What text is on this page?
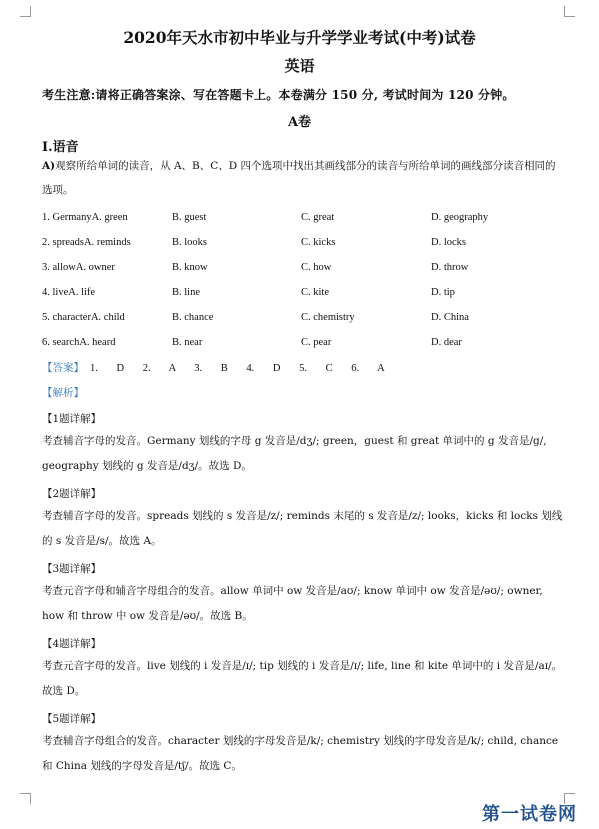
2020年天水市初中毕业与升学学业考试(中考)试卷
英语
考生注意:请将正确答案涂、写在答题卡上。本卷满分 150 分, 考试时间为 120 分钟。
A卷
I.语音
A)观察所给单词的读音，从 A、B、C、D 四个选项中找出其画线部分的读音与所给单词的画线部分读音相同的选项。
1. GermanyA. green	B. guest	C. great	D. geography
2. spreadsA. reminds	B. looks	C. kicks	D. locks
3. allowA. owner	B. know	C. how	D. throw
4. liveA. life	B. line	C. kite	D. tip
5. characterA. child	B. chance	C. chemistry	D. China
6. searchA. heard	B. near	C. pear	D. dear
【答案】 1. D 2. A 3. B 4. D 5. C 6. A
【解析】
【1题详解】
考查辅音字母的发音。Germany 划线的字母 g 发音是/dʒ/; green，guest 和 great 单词中的 g 发音是/g/, geography 划线的 g 发音是/dʒ/。故选 D。
【2题详解】
考查辅音字母的发音。spreads 划线的 s 发音是/z/; reminds 末尾的 s 发音是/z/; looks，kicks 和 locks 划线的 s 发音是/s/。故选 A。
【3题详解】
考查元音字母和辅音字母组合的发音。allow 单词中 ow 发音是/aʊ/; know 单词中 ow 发音是/əʊ/; owner, how 和 throw 中 ow 发音是/əʊ/。故选 B。
【4题详解】
考查元音字母的发音。live 划线的 i 发音是/ɪ/; tip 划线的 i 发音是/ɪ/; life, line 和 kite 单词中的 i 发音是/aɪ/。故选 D。
【5题详解】
考查辅音字母组合的发音。character 划线的字母发音是/k/; chemistry 划线的字母发音是/k/; child, chance 和 China 划线的字母发音是/tʃ/。故选 C。
第一试卷网
